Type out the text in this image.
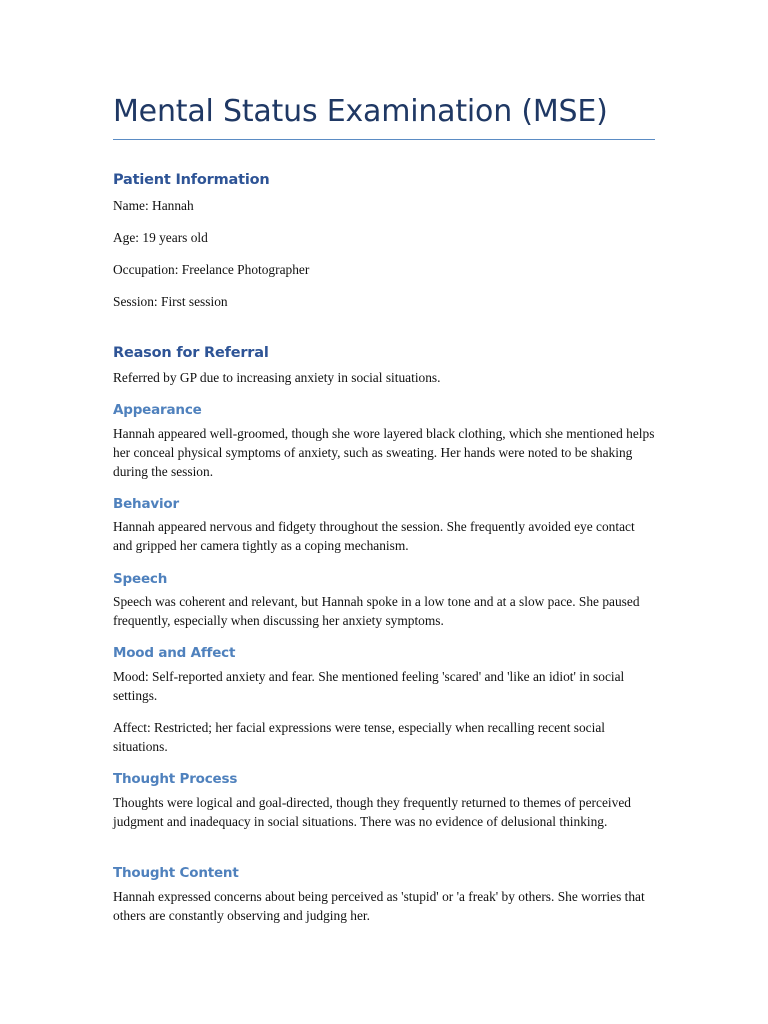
Mental Status Examination (MSE)
Patient Information

Name: Hannah

Age: 19 years old

Occupation: Freelance Photographer

Session: First session

Reason for Referral

Referred by GP due to increasing anxiety in social situations.

Appearance

Hannah appeared well-groomed, though she wore layered black clothing, which she mentioned helps her conceal physical symptoms of anxiety, such as sweating. Her hands were noted to be shaking during the session.

Behavior

Hannah appeared nervous and fidgety throughout the session. She frequently avoided eye contact and gripped her camera tightly as a coping mechanism.

Speech

Speech was coherent and relevant, but Hannah spoke in a low tone and at a slow pace. She paused frequently, especially when discussing her anxiety symptoms.

Mood and Affect

Mood: Self-reported anxiety and fear. She mentioned feeling 'scared' and 'like an idiot' in social settings.

Affect: Restricted; her facial expressions were tense, especially when recalling recent social situations.

Thought Process

Thoughts were logical and goal-directed, though they frequently returned to themes of perceived judgment and inadequacy in social situations. There was no evidence of delusional thinking.

Thought Content

Hannah expressed concerns about being perceived as 'stupid' or 'a freak' by others. She worries that others are constantly observing and judging her.
